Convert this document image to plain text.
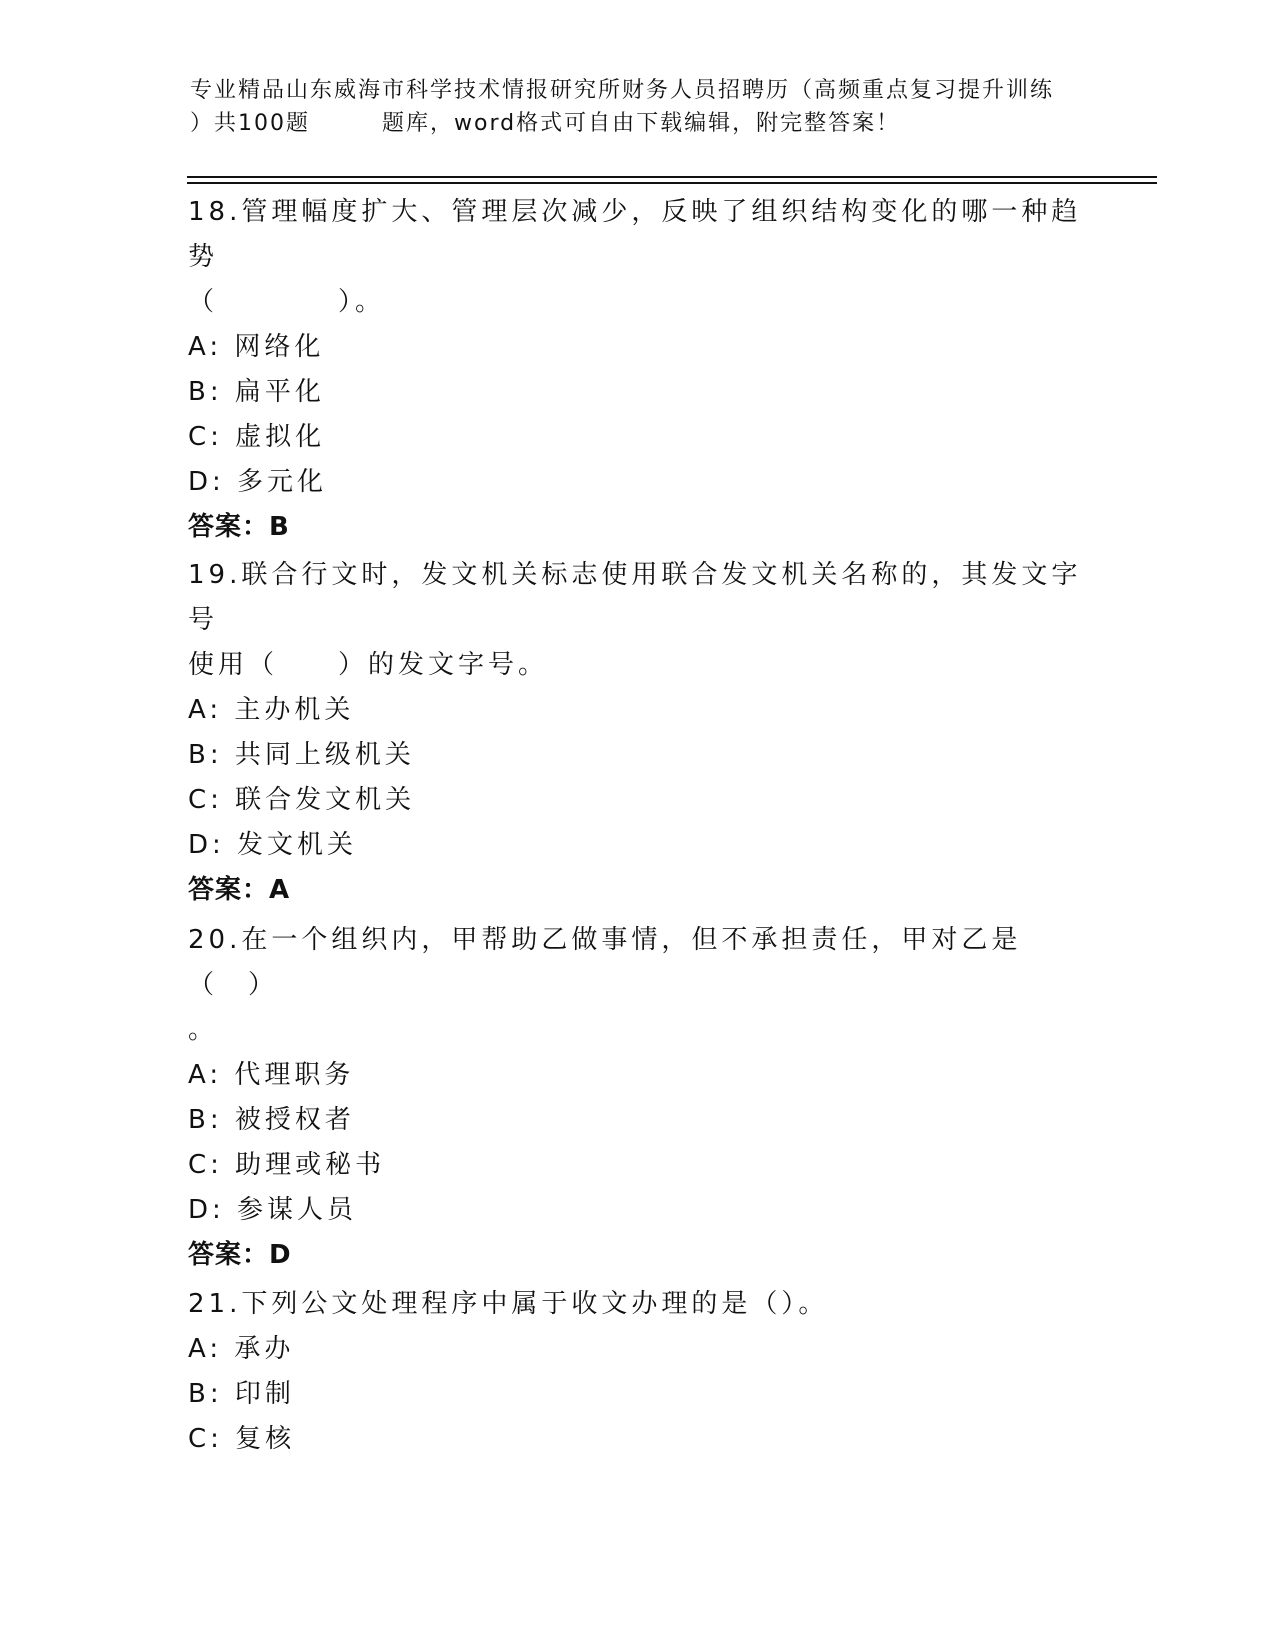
专业精品山东威海市科学技术情报研究所财务人员招聘历（高频重点复习提升训练
）共100题	题库，word格式可自由下载编辑，附完整答案！
18.管理幅度扩大、管理层次减少，反映了组织结构变化的哪一种趋势
（　　　　）。
A: 网络化
B: 扁平化
C: 虚拟化
D: 多元化
答案：B
19.联合行文时，发文机关标志使用联合发文机关名称的，其发文字号
使用（　　）的发文字号。
A: 主办机关
B: 共同上级机关
C: 联合发文机关
D: 发文机关
答案：A
20.在一个组织内，甲帮助乙做事情，但不承担责任，甲对乙是（　）
。
A: 代理职务
B: 被授权者
C: 助理或秘书
D: 参谋人员
答案：D
21.下列公文处理程序中属于收文办理的是（）。
A: 承办
B: 印制
C: 复核
